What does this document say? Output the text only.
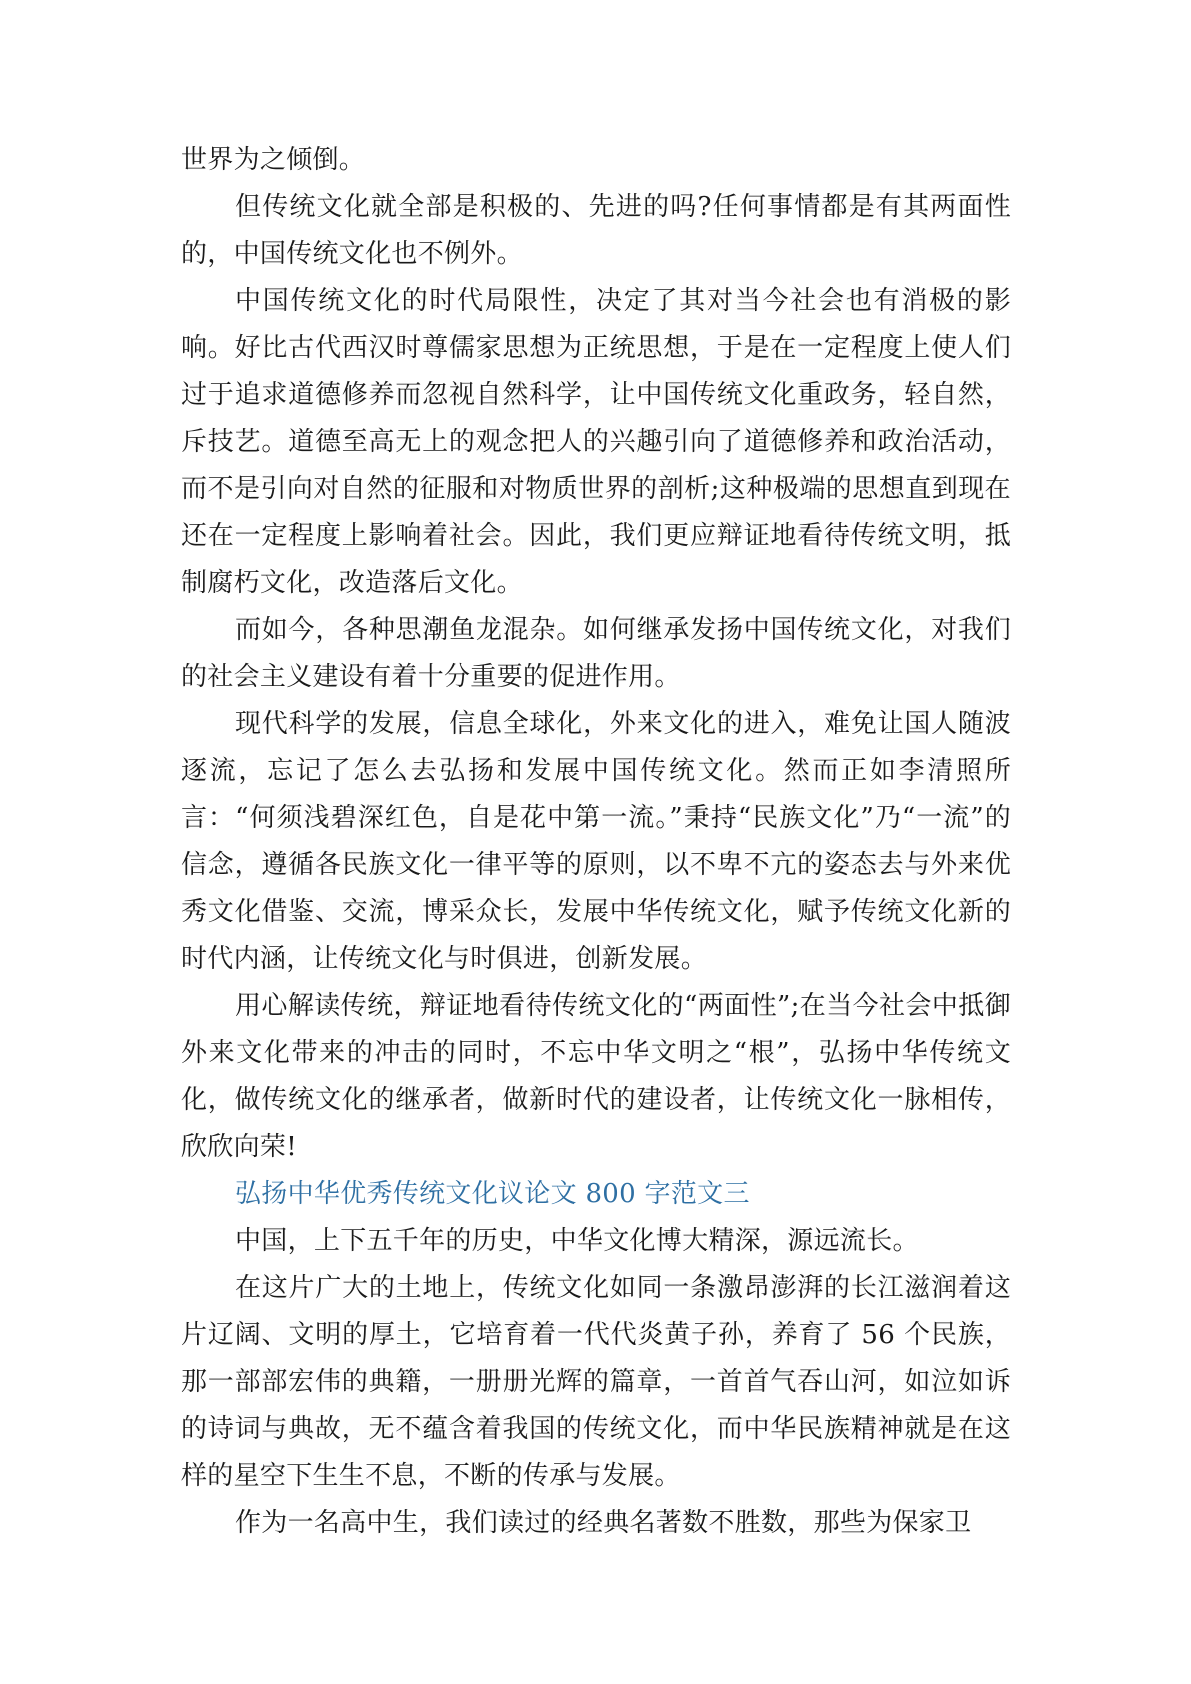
世界为之倾倒。

但传统文化就全部是积极的、先进的吗?任何事情都是有其两面性的，中国传统文化也不例外。

中国传统文化的时代局限性，决定了其对当今社会也有消极的影响。好比古代西汉时尊儒家思想为正统思想，于是在一定程度上使人们过于追求道德修养而忽视自然科学，让中国传统文化重政务，轻自然，斥技艺。道德至高无上的观念把人的兴趣引向了道德修养和政治活动，而不是引向对自然的征服和对物质世界的剖析;这种极端的思想直到现在还在一定程度上影响着社会。因此，我们更应辩证地看待传统文明，抵制腐朽文化，改造落后文化。

而如今，各种思潮鱼龙混杂。如何继承发扬中国传统文化，对我们的社会主义建设有着十分重要的促进作用。

现代科学的发展，信息全球化，外来文化的进入，难免让国人随波逐流，忘记了怎么去弘扬和发展中国传统文化。然而正如李清照所言：“何须浅碧深红色，自是花中第一流。”秉持“民族文化”乃“一流”的信念，遵循各民族文化一律平等的原则，以不卑不亢的姿态去与外来优秀文化借鉴、交流，博采众长，发展中华传统文化，赋予传统文化新的时代内涵，让传统文化与时俱进，创新发展。

用心解读传统，辩证地看待传统文化的“两面性”;在当今社会中抵御外来文化带来的冲击的同时，不忘中华文明之“根”，弘扬中华传统文化，做传统文化的继承者，做新时代的建设者，让传统文化一脉相传，欣欣向荣!

弘扬中华优秀传统文化议论文 800 字范文三

中国，上下五千年的历史，中华文化博大精深，源远流长。

在这片广大的土地上，传统文化如同一条激昂澎湃的长江滋润着这片辽阔、文明的厚土，它培育着一代代炎黄子孙，养育了 56 个民族，那一部部宏伟的典籍，一册册光辉的篇章，一首首气吞山河，如泣如诉的诗词与典故，无不蕴含着我国的传统文化，而中华民族精神就是在这样的星空下生生不息，不断的传承与发展。

作为一名高中生，我们读过的经典名著数不胜数，那些为保家卫
